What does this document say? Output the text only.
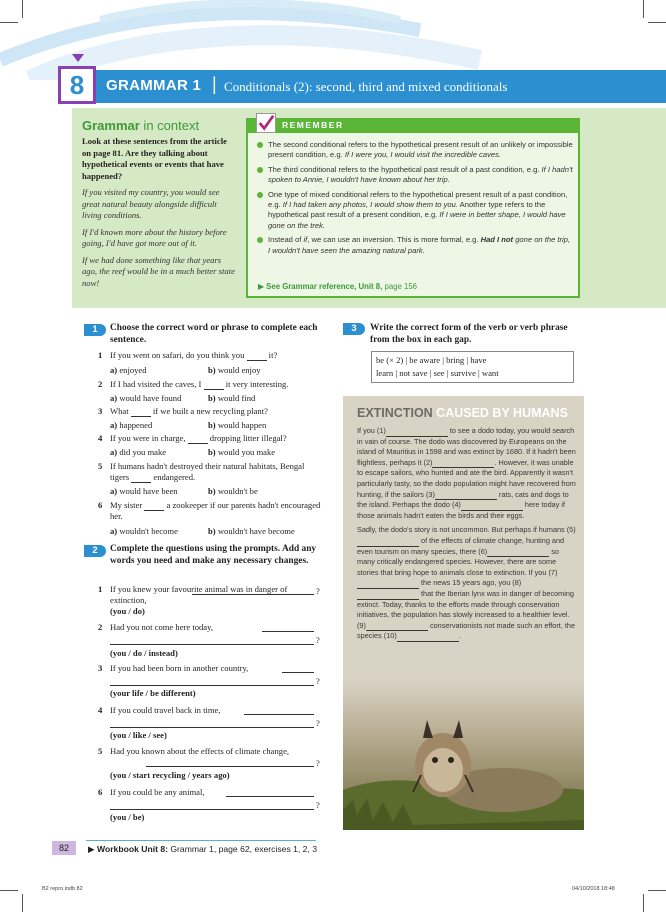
8 GRAMMAR 1 | Conditionals (2): second, third and mixed conditionals
Grammar in context

Look at these sentences from the article on page 81. Are they talking about hypothetical events or events that have happened?

If you visited my country, you would see great natural beauty alongside difficult living conditions.

If I'd known more about the history before going, I'd have got more out of it.

If we had done something like that years ago, the reef would be in a much better state now!

REMEMBER
The second conditional refers to the hypothetical present result of an unlikely or impossible present condition, e.g. If I were you, I would visit the incredible caves.
The third conditional refers to the hypothetical past result of a past condition, e.g. If I hadn't spoken to Annie, I wouldn't have known about her trip.
One type of mixed conditional refers to the hypothetical present result of a past condition, e.g. If I had taken any photos, I would show them to you. Another type refers to the hypothetical past result of a present condition, e.g. If I were in better shape, I would have gone on the trek.
Instead of if, we can use an inversion. This is more formal, e.g. Had I not gone on the trip, I wouldn't have seen the amazing natural park.
▶ See Grammar reference, Unit 8, page 156
1	Choose the correct word or phrase to complete each sentence.
1 If you went on safari, do you think you  it?
a) enjoyed	b) would enjoy
2 If I had visited the caves, I  it very interesting.
a) would have found	b) would find
3 What  if we built a new recycling plant?
a) happened	b) would happen
4 If you were in charge,  dropping litter illegal?
a) did you make	b) would you make
5 If humans hadn't destroyed their natural habitats, Bengal tigers  endangered.
a) would have been	b) wouldn't be
6 My sister  a zookeeper if our parents hadn't encouraged her.
a) wouldn't become	b) wouldn't have become
2	Complete the questions using the prompts. Add any words you need and make any necessary changes.
1 If you knew your favourite animal was in danger of extinction,
?
(you / do)
2 Had you not come here today,
?
(you / do / instead)
3 If you had been born in another country,
?
(your life / be different)
4 If you could travel back in time,
?
(you / like / see)
5 Had you known about the effects of climate change,
?
(you / start recycling / years ago)
6 If you could be any animal,
?
(you / be)
3	Write the correct form of the verb or verb phrase from the box in each gap.
be (× 2) | be aware | bring | have
learn | not save | see | survive | want
EXTINCTION CAUSED BY HUMANS

If you (1)	to see a dodo today, you would search in vain of course. The dodo was discovered by Europeans on the island of Mauritius in 1598 and was extinct by 1680. If it hadn't been flightless, perhaps it (2)	. However, it was unable to escape sailors, who hunted and ate the bird. Apparently it wasn't particularly tasty, so the dodo population might have recovered from hunting, if the sailors (3)	rats, cats and dogs to the island. Perhaps the dodo (4)	here today if those animals hadn't eaten the birds and their eggs.

Sadly, the dodo's story is not uncommon. But perhaps if humans (5) of the effects of climate change, hunting and even tourism on many species, there (6)	so many critically endangered species. However, there are some stories that bring hope to animals close to extinction. If you (7) the news 15 years ago, you (8) that the Iberian lynx was in danger of becoming extinct. Today, thanks to the efforts made through conservation initiatives, the population has slowly increased to a healthier level. (9)	conservationists not made such an effort, the species (10)	.

82	▶ Workbook Unit 8: Grammar 1, page 62, exercises 1, 2, 3
B2 repro.indb 82	04/10/2018 18:48
